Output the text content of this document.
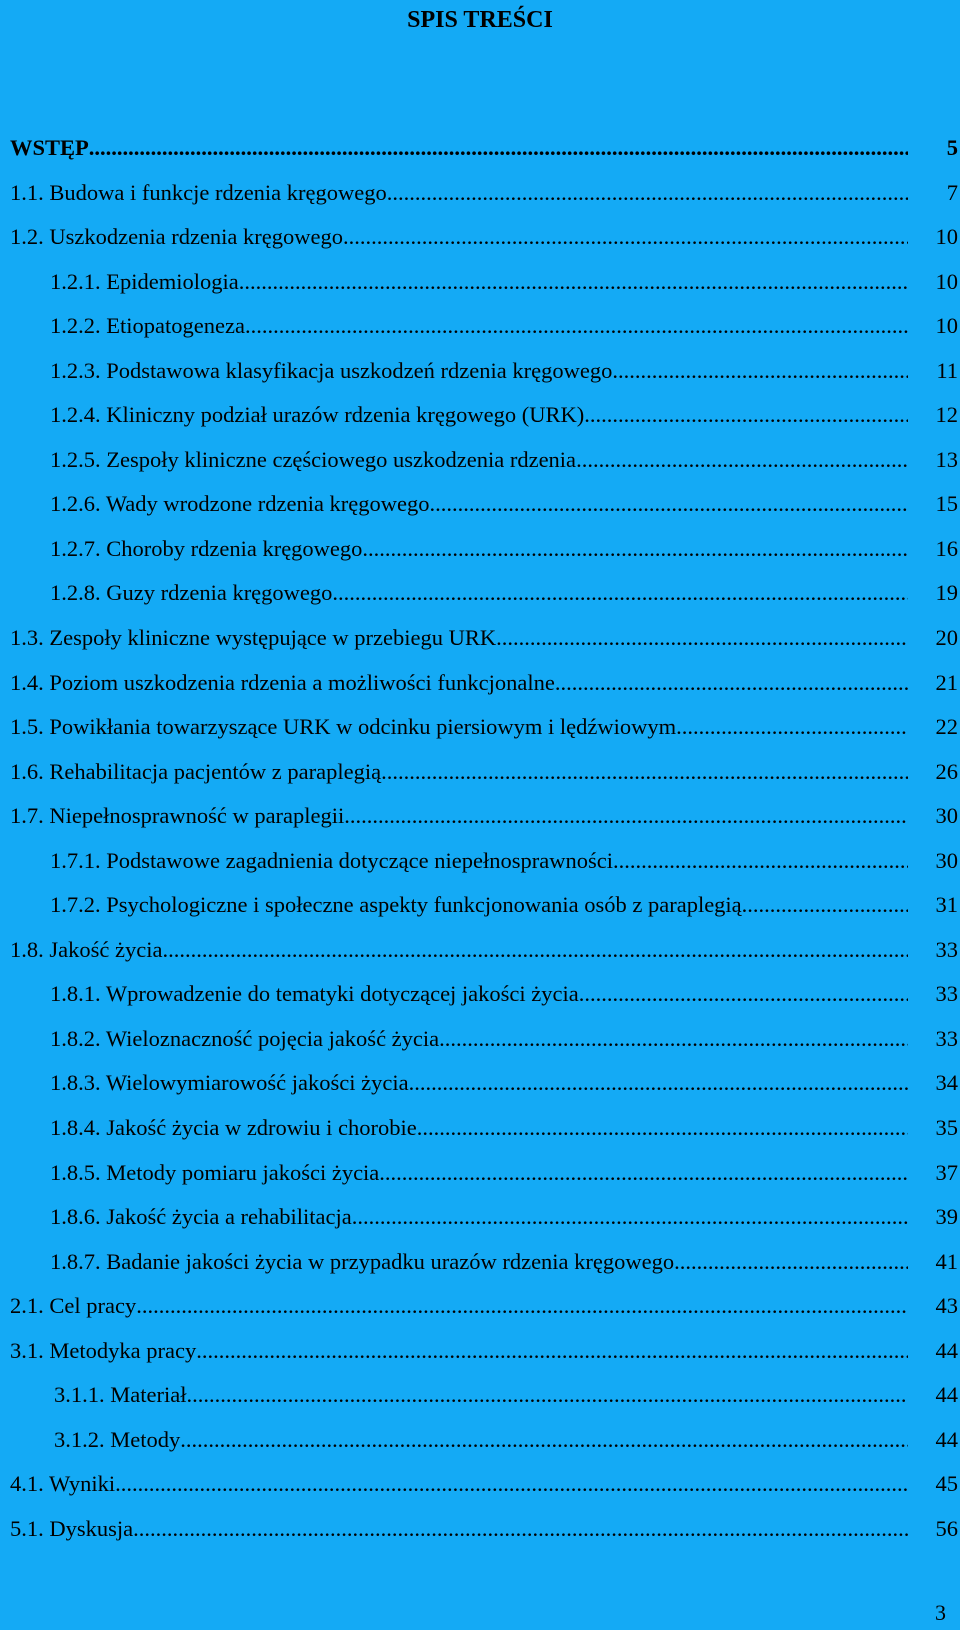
SPIS TREŚCI
WSTĘP .....	5
1.1. Budowa i funkcje rdzenia kręgowego .....	7
1.2. Uszkodzenia rdzenia kręgowego .....	10
1.2.1. Epidemiologia .....	10
1.2.2. Etiopatogeneza .....	10
1.2.3. Podstawowa klasyfikacja uszkodzeń rdzenia kręgowego .....	11
1.2.4. Kliniczny podział urazów rdzenia kręgowego (URK) .....	12
1.2.5. Zespoły kliniczne częściowego uszkodzenia rdzenia .....	13
1.2.6. Wady wrodzone rdzenia kręgowego .....	15
1.2.7. Choroby rdzenia kręgowego .....	16
1.2.8. Guzy rdzenia kręgowego .....	19
1.3. Zespoły kliniczne występujące w przebiegu URK .....	20
1.4. Poziom uszkodzenia rdzenia a możliwości funkcjonalne .....	21
1.5. Powikłania towarzyszące URK w odcinku piersiowym i lędźwiowym .....	22
1.6. Rehabilitacja pacjentów z paraplegią .....	26
1.7. Niepełnosprawność w paraplegii .....	30
1.7.1. Podstawowe zagadnienia dotyczące niepełnosprawności .....	30
1.7.2. Psychologiczne i społeczne aspekty funkcjonowania osób z paraplegią .....	31
1.8. Jakość życia .....	33
1.8.1. Wprowadzenie do tematyki dotyczącej jakości życia .....	33
1.8.2. Wieloznaczność pojęcia jakość życia .....	33
1.8.3. Wielowymiarowość jakości życia .....	34
1.8.4. Jakość życia w zdrowiu i chorobie .....	35
1.8.5. Metody pomiaru jakości życia .....	37
1.8.6. Jakość życia a rehabilitacja .....	39
1.8.7. Badanie jakości życia w przypadku urazów rdzenia kręgowego .....	41
2.1. Cel pracy .....	43
3.1. Metodyka pracy .....	44
3.1.1. Materiał .....	44
3.1.2. Metody .....	44
4.1. Wyniki .....	45
5.1. Dyskusja .....	56
3
